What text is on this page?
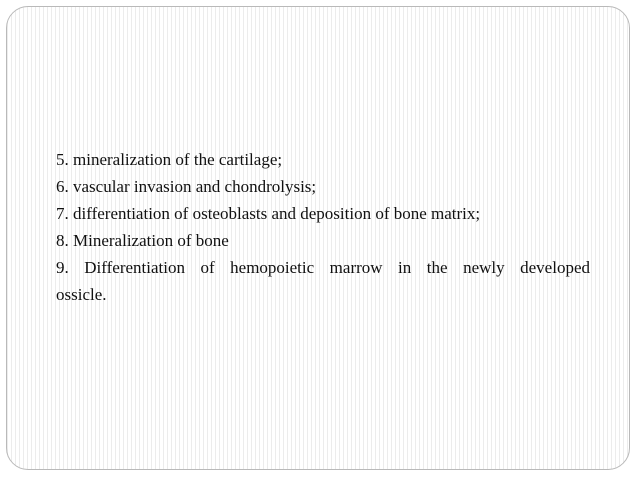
5. mineralization of the cartilage;

6. vascular invasion and chondrolysis;

7. differentiation of osteoblasts and deposition of bone matrix;

8. Mineralization of bone

9. Differentiation of hemopoietic marrow in the newly developed

ossicle.
